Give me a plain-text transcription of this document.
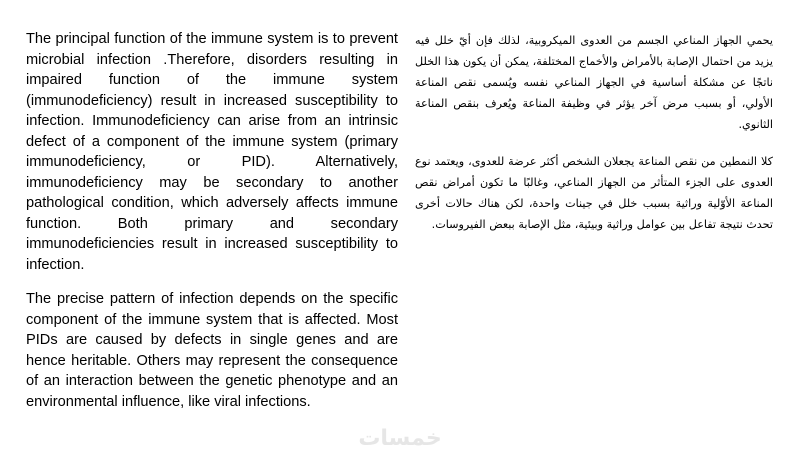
The principal function of the immune system is to prevent microbial infection .Therefore, disorders resulting in impaired function of the immune system (immunodeficiency) result in increased susceptibility to infection. Immunodeficiency can arise from an intrinsic defect of a component of the immune system (primary immunodeficiency, or PID). Alternatively, immunodeficiency may be secondary to another pathological condition, which adversely affects immune function. Both primary and secondary immunodeficiencies result in increased susceptibility to infection.

The precise pattern of infection depends on the specific component of the immune system that is affected. Most PIDs are caused by defects in single genes and are hence heritable. Others may represent the consequence of an interaction between the genetic phenotype and an environmental influence, like viral infections.

يحمي الجهاز المناعي الجسم من العدوى الميكروبية، لذلك فإن أيّ خلل فيه يزيد من احتمال الإصابة بالأمراض والأخماج المختلفة، يمكن أن يكون هذا الخلل ناتجًا عن مشكلة أساسية في الجهاز المناعي نفسه ويُسمى نقص المناعة الأولي، أو بسبب مرض آخر يؤثر في وظيفة المناعة ويُعرف بنقص المناعة الثانوي.

كلا النمطين من نقص المناعة يجعلان الشخص أكثر عرضة للعدوى، ويعتمد نوع العدوى على الجزء المتأثر من الجهاز المناعي، وغالبًا ما تكون أمراض نقص المناعة الأوّلية وراثية بسبب خلل في جينات واحدة، لكن هناك حالات أخرى تحدث نتيجة تفاعل بين عوامل وراثية وبيئية، مثل الإصابة ببعض الفيروسات.

خمسات
